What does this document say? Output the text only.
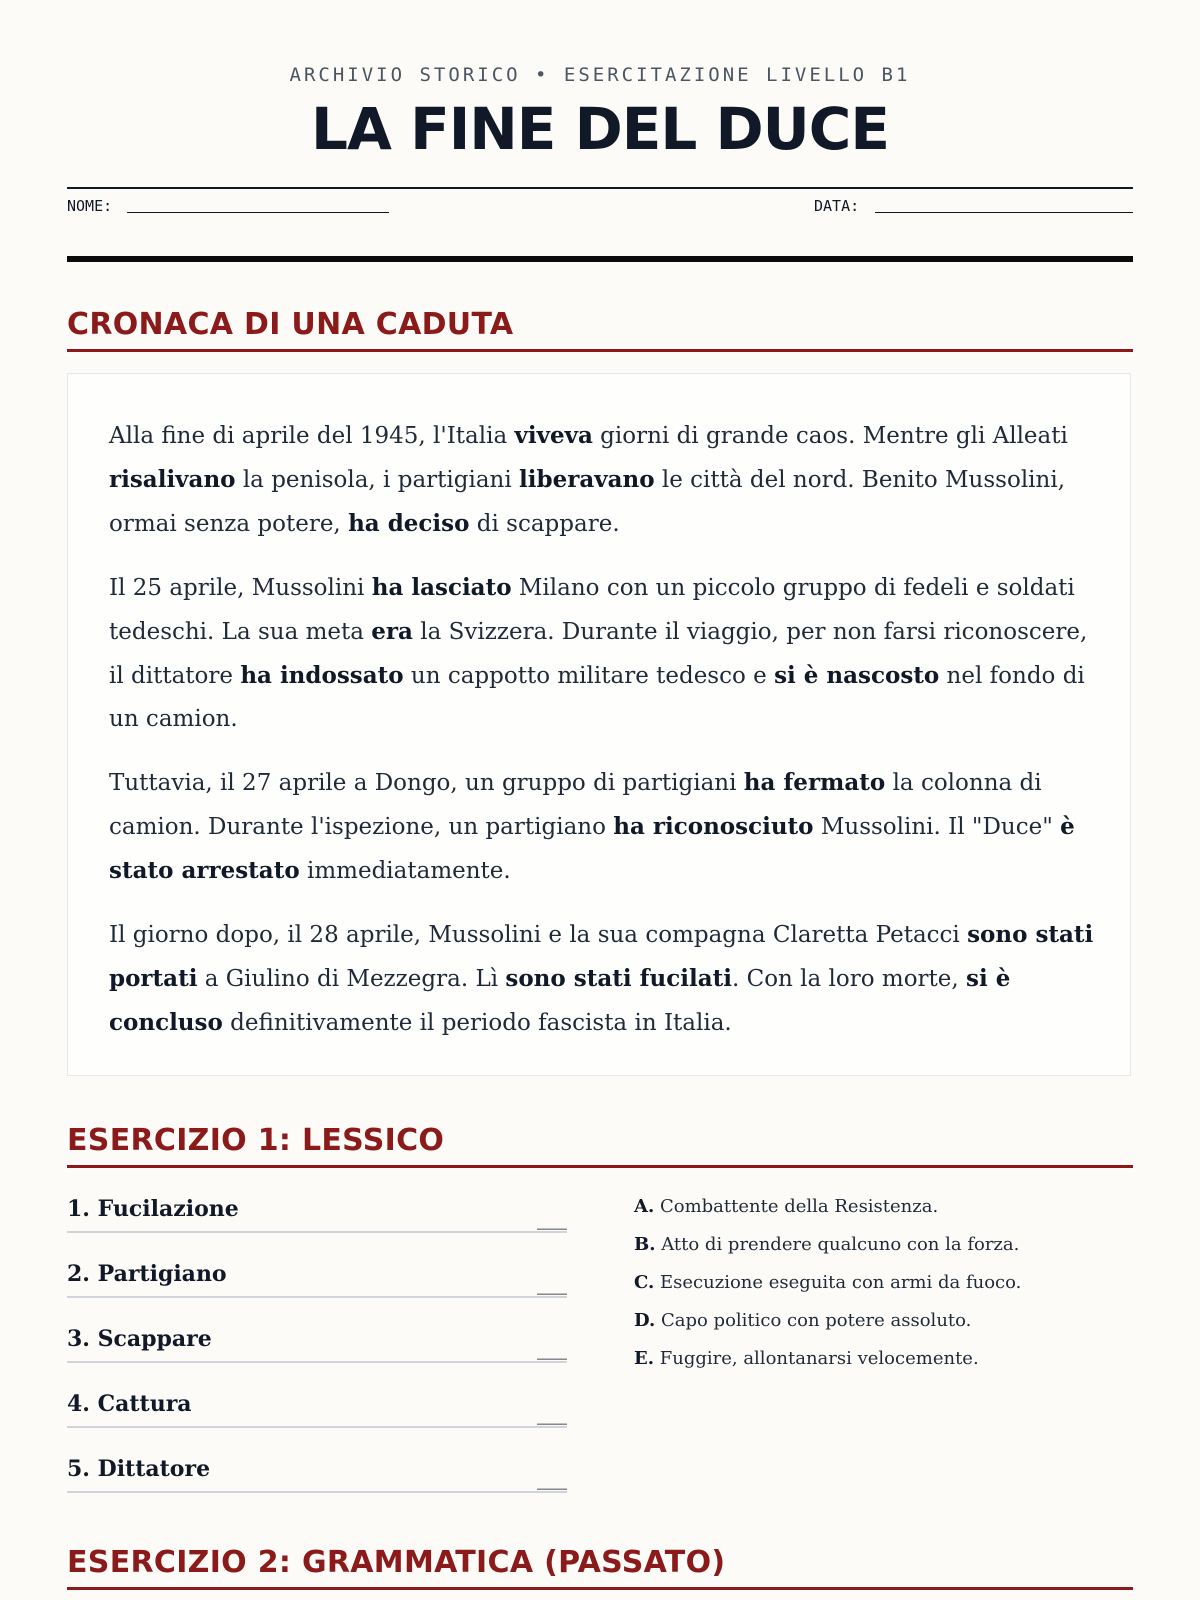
ARCHIVIO STORICO • ESERCITAZIONE LIVELLO B1
LA FINE DEL DUCE
NOME:	DATA:
CRONACA DI UNA CADUTA

Alla fine di aprile del 1945, l'Italia viveva giorni di grande caos. Mentre gli Alleati risalivano la penisola, i partigiani liberavano le città del nord. Benito Mussolini, ormai senza potere, ha deciso di scappare.

Il 25 aprile, Mussolini ha lasciato Milano con un piccolo gruppo di fedeli e soldati tedeschi. La sua meta era la Svizzera. Durante il viaggio, per non farsi riconoscere, il dittatore ha indossato un cappotto militare tedesco e si è nascosto nel fondo di un camion.

Tuttavia, il 27 aprile a Dongo, un gruppo di partigiani ha fermato la colonna di camion. Durante l'ispezione, un partigiano ha riconosciuto Mussolini. Il "Duce" è stato arrestato immediatamente.

Il giorno dopo, il 28 aprile, Mussolini e la sua compagna Claretta Petacci sono stati portati a Giulino di Mezzegra. Lì sono stati fucilati. Con la loro morte, si è concluso definitivamente il periodo fascista in Italia.

ESERCIZIO 1: LESSICO
1. Fucilazione	___
2. Partigiano	___
3. Scappare	___
4. Cattura	___
5. Dittatore	___
A. Combattente della Resistenza.
B. Atto di prendere qualcuno con la forza.
C. Esecuzione eseguita con armi da fuoco.
D. Capo politico con potere assoluto.
E. Fuggire, allontanarsi velocemente.
ESERCIZIO 2: GRAMMATICA (PASSATO)
